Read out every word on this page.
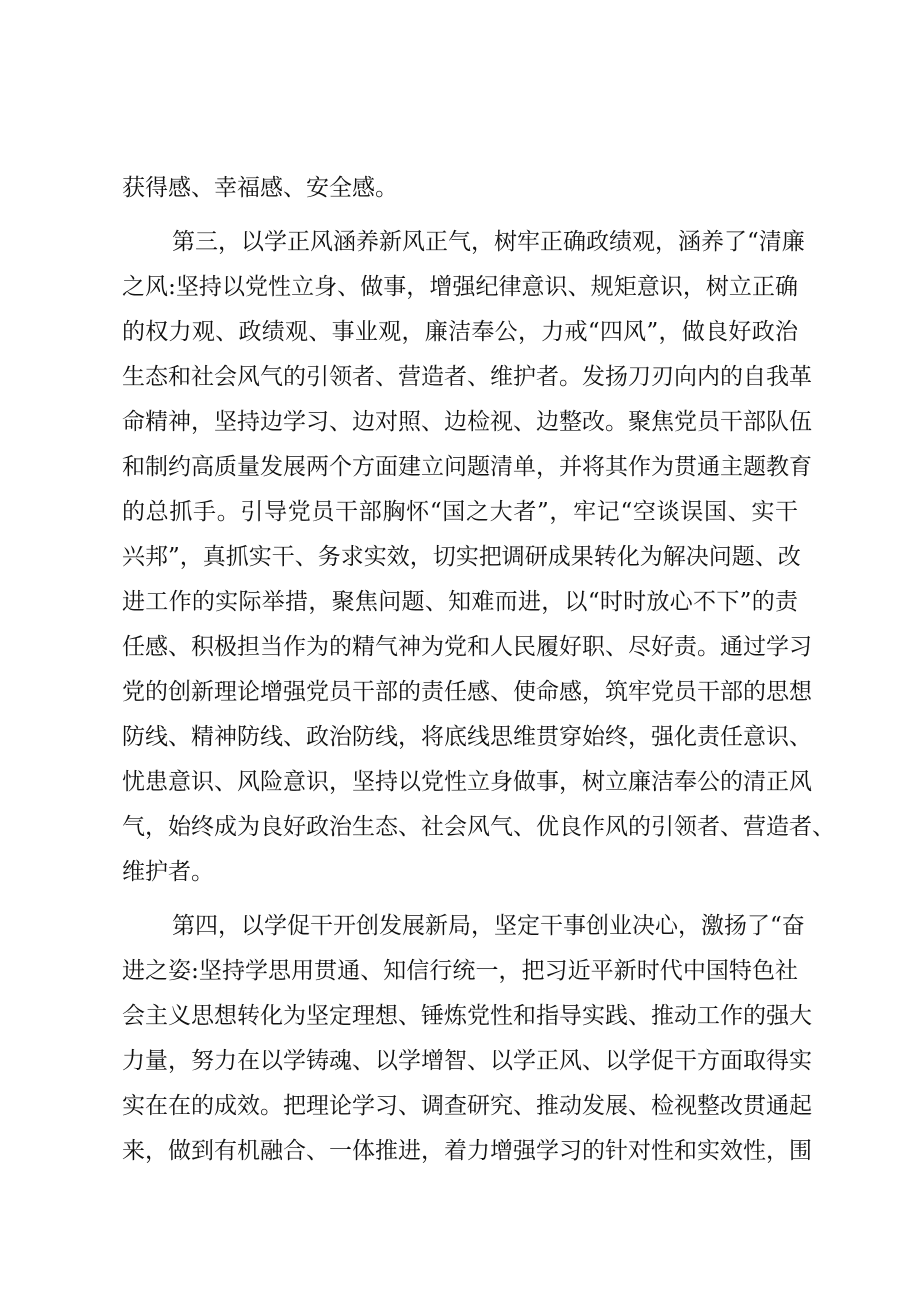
获得感、幸福感、安全感。
第三，以学正风涵养新风正气，树牢正确政绩观，涵养了“清廉
之风:坚持以党性立身、做事，增强纪律意识、规矩意识，树立正确
的权力观、政绩观、事业观，廉洁奉公，力戒“四风”，做良好政治
生态和社会风气的引领者、营造者、维护者。发扬刀刃向内的自我革
命精神，坚持边学习、边对照、边检视、边整改。聚焦党员干部队伍
和制约高质量发展两个方面建立问题清单，并将其作为贯通主题教育
的总抓手。引导党员干部胸怀“国之大者”，牢记“空谈误国、实干
兴邦”，真抓实干、务求实效，切实把调研成果转化为解决问题、改
进工作的实际举措，聚焦问题、知难而进，以“时时放心不下”的责
任感、积极担当作为的精气神为党和人民履好职、尽好责。通过学习
党的创新理论增强党员干部的责任感、使命感，筑牢党员干部的思想
防线、精神防线、政治防线，将底线思维贯穿始终，强化责任意识、
忧患意识、风险意识，坚持以党性立身做事，树立廉洁奉公的清正风
气，始终成为良好政治生态、社会风气、优良作风的引领者、营造者、
维护者。
第四，以学促干开创发展新局，坚定干事创业决心，激扬了“奋
进之姿:坚持学思用贯通、知信行统一，把习近平新时代中国特色社
会主义思想转化为坚定理想、锤炼党性和指导实践、推动工作的强大
力量，努力在以学铸魂、以学增智、以学正风、以学促干方面取得实
实在在的成效。把理论学习、调查研究、推动发展、检视整改贯通起
来，做到有机融合、一体推进，着力增强学习的针对性和实效性，围
